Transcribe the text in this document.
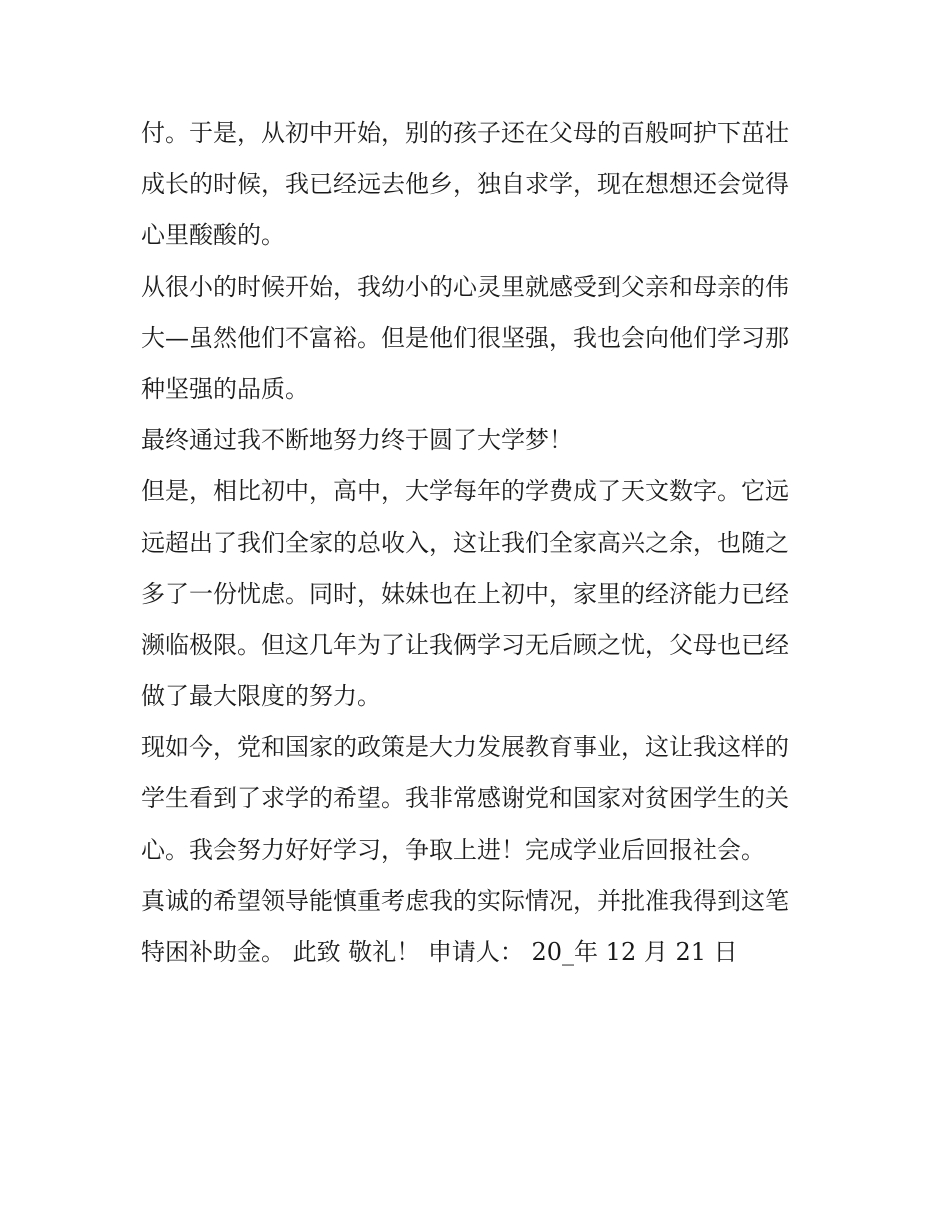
付。于是，从初中开始，别的孩子还在父母的百般呵护下茁壮
成长的时候，我已经远去他乡，独自求学，现在想想还会觉得
心里酸酸的。
从很小的时候开始，我幼小的心灵里就感受到父亲和母亲的伟
大—虽然他们不富裕。但是他们很坚强，我也会向他们学习那
种坚强的品质。
最终通过我不断地努力终于圆了大学梦！
但是，相比初中，高中，大学每年的学费成了天文数字。它远
远超出了我们全家的总收入，这让我们全家高兴之余，也随之
多了一份忧虑。同时，妹妹也在上初中，家里的经济能力已经
濒临极限。但这几年为了让我俩学习无后顾之忧，父母也已经
做了最大限度的努力。
现如今，党和国家的政策是大力发展教育事业，这让我这样的
学生看到了求学的希望。我非常感谢党和国家对贫困学生的关
心。我会努力好好学习，争取上进！完成学业后回报社会。
真诚的希望领导能慎重考虑我的实际情况，并批准我得到这笔
特困补助金。 此致 敬礼！ 申请人： 20_年 12 月 21 日
